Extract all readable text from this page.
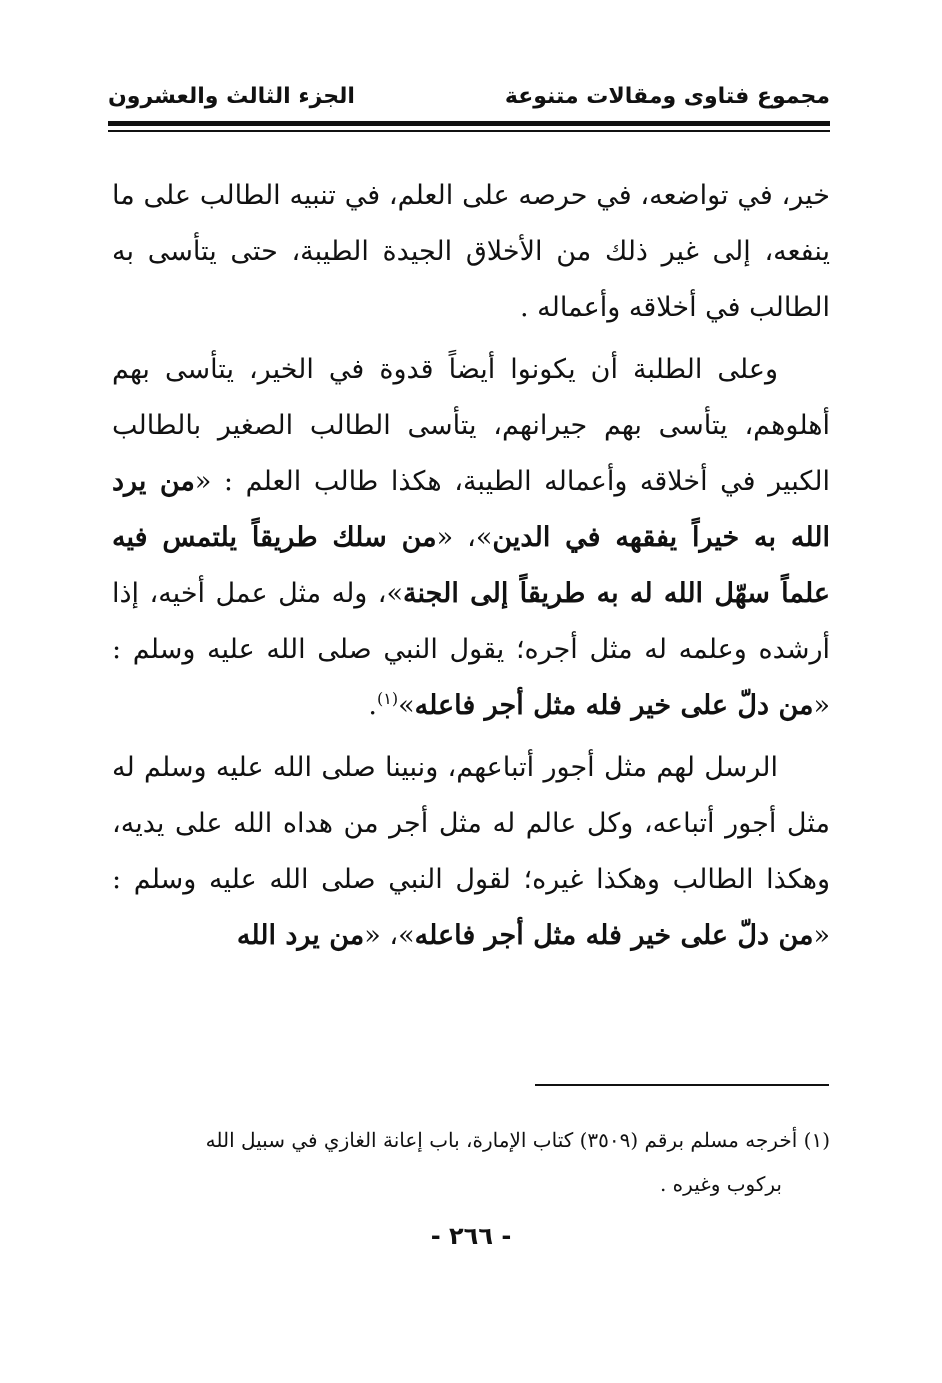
مجموع فتاوى ومقالات متنوعة
الجزء الثالث والعشرون

خير، في تواضعه، في حرصه على العلم، في تنبيه الطالب على ما ينفعه، إلى غير ذلك من الأخلاق الجيدة الطيبة، حتى يتأسى به الطالب في أخلاقه وأعماله .

وعلى الطلبة أن يكونوا أيضاً قدوة في الخير، يتأسى بهم أهلوهم، يتأسى بهم جيرانهم، يتأسى الطالب الصغير بالطالب الكبير في أخلاقه وأعماله الطيبة، هكذا طالب العلم : «من يرد الله به خيراً يفقهه في الدين»، «من سلك طريقاً يلتمس فيه علماً سهّل الله له به طريقاً إلى الجنة»، وله مثل عمل أخيه، إذا أرشده وعلمه له مثل أجره؛ يقول النبي صلى الله عليه وسلم : «من دلّ على خير فله مثل أجر فاعله»$^{(١)}$.

الرسل لهم مثل أجور أتباعهم، ونبينا صلى الله عليه وسلم له مثل أجور أتباعه، وكل عالم له مثل أجر من هداه الله على يديه، وهكذا الطالب وهكذا غيره؛ لقول النبي صلى الله عليه وسلم : «من دلّ على خير فله مثل أجر فاعله»، «من يرد الله

(١) أخرجه مسلم برقم (٣٥٠٩) كتاب الإمارة، باب إعانة الغازي في سبيل الله
بركوب وغيره .
- ٢٦٦ -
